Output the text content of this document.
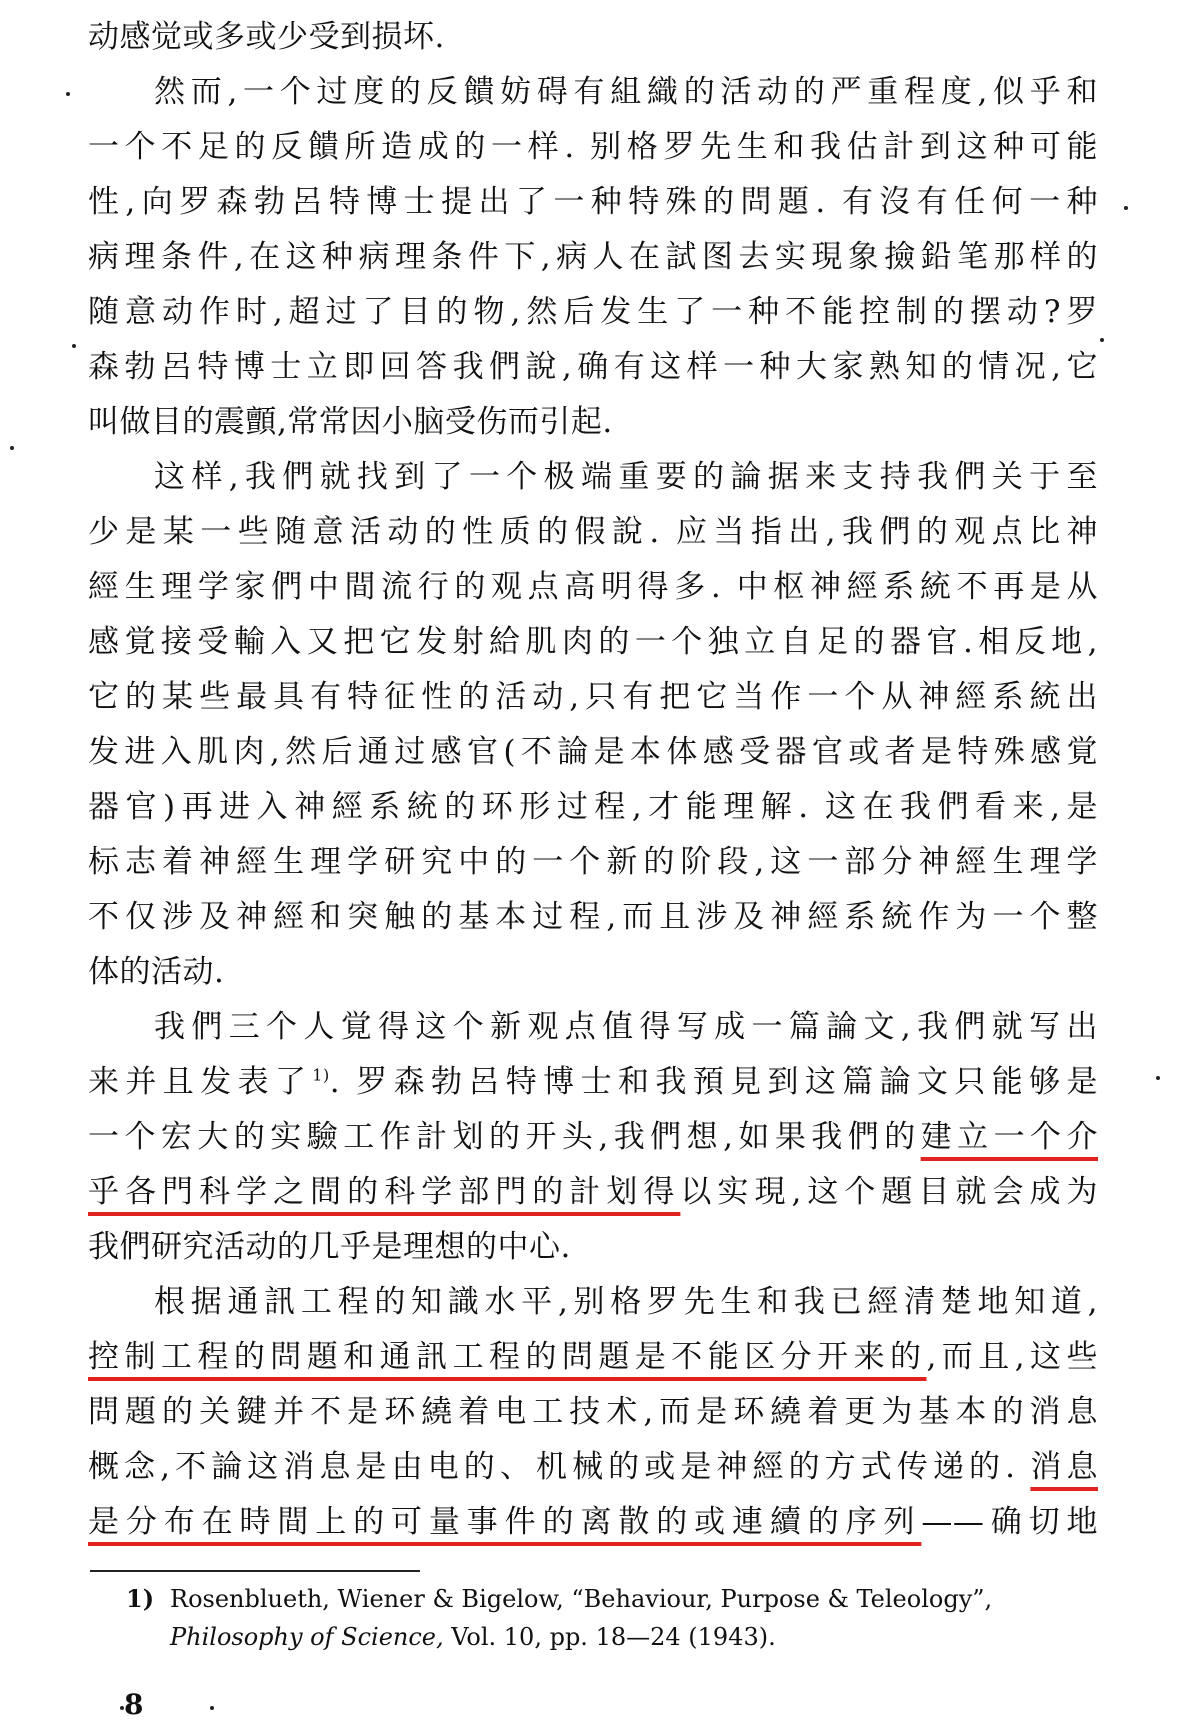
动感觉或多或少受到损坏.
然而,一个过度的反饋妨碍有組織的活动的严重程度,似乎和
一个不足的反饋所造成的一样. 别格罗先生和我估計到这种可能
性,向罗森勃呂特博士提出了一种特殊的問題. 有沒有任何一种
病理条件,在这种病理条件下,病人在試图去实現象撿鉛笔那样的
随意动作时,超过了目的物,然后发生了一种不能控制的摆动?罗
森勃呂特博士立即回答我們說,确有这样一种大家熟知的情况,它
叫做目的震顫,常常因小脑受伤而引起.
这样,我們就找到了一个极端重要的論据来支持我們关于至
少是某一些随意活动的性质的假說. 应当指出,我們的观点比神
經生理学家們中間流行的观点高明得多. 中枢神經系統不再是从
感覚接受輸入又把它发射給肌肉的一个独立自足的器官.相反地,
它的某些最具有特征性的活动,只有把它当作一个从神經系統出
发进入肌肉,然后通过感官(不論是本体感受器官或者是特殊感覚
器官)再进入神經系統的环形过程,才能理解. 这在我們看来,是
标志着神經生理学研究中的一个新的阶段,这一部分神經生理学
不仅涉及神經和突触的基本过程,而且涉及神經系統作为一个整
体的活动.
我們三个人覚得这个新观点值得写成一篇論文,我們就写出
来并且发表了$^{1)}$. 罗森勃呂特博士和我預見到这篇論文只能够是
一个宏大的实驗工作計划的开头,我們想,如果我們的建立一个介
乎各門科学之間的科学部門的計划得以实現,这个題目就会成为
我們研究活动的几乎是理想的中心.
根据通訊工程的知識水平,别格罗先生和我已經清楚地知道,
控制工程的問題和通訊工程的問題是不能区分开来的,而且,这些
問題的关鍵并不是环繞着电工技术,而是环繞着更为基本的消息
概念,不論这消息是由电的、机械的或是神經的方式传递的. 消息
是分布在時間上的可量事件的离散的或連續的序列——确切地
1) Rosenblueth, Wiener & Bigelow, “Behaviour, Purpose & Teleology”,
Philosophy of Science, Vol. 10, pp. 18—24 (1943).
8
